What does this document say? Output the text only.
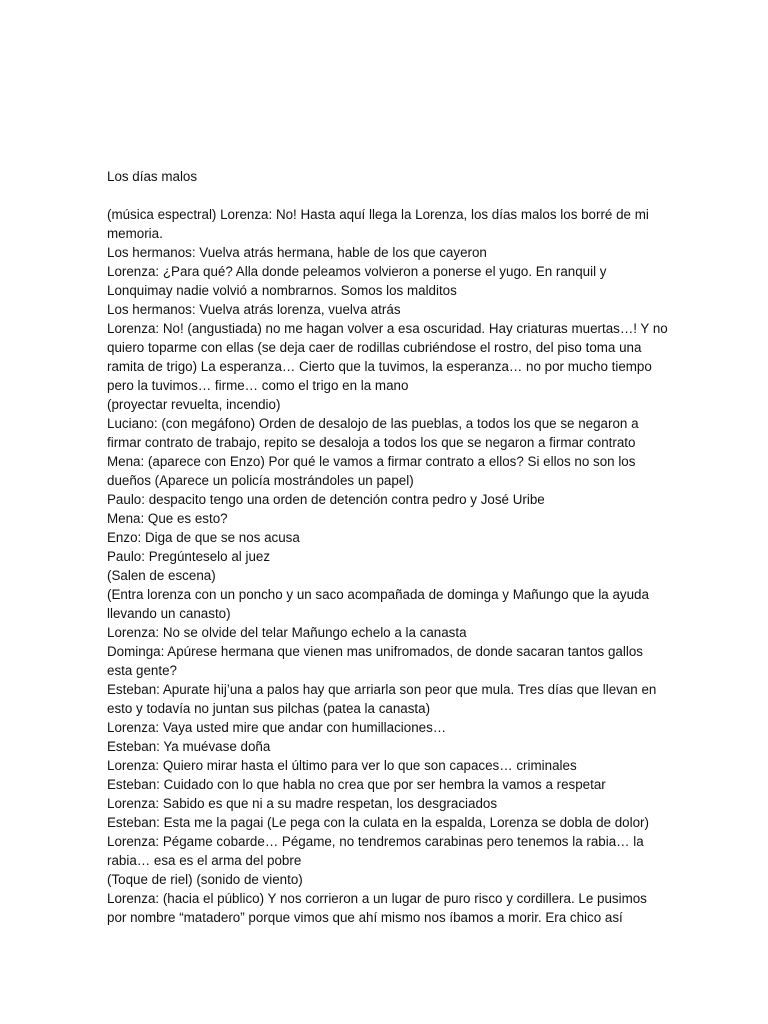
Los días malos

(música espectral) Lorenza: No! Hasta aquí llega la Lorenza, los días malos los borré de mi memoria.

Los hermanos: Vuelva atrás hermana, hable de los que cayeron

Lorenza: ¿Para qué? Alla donde peleamos volvieron a ponerse el yugo. En ranquil y Lonquimay nadie volvió a nombrarnos. Somos los malditos

Los hermanos: Vuelva atrás lorenza, vuelva atrás

Lorenza: No! (angustiada) no me hagan volver a esa oscuridad. Hay criaturas muertas…! Y no quiero toparme con ellas (se deja caer de rodillas cubriéndose el rostro, del piso toma una ramita de trigo) La esperanza… Cierto que la tuvimos, la esperanza… no por mucho tiempo pero la tuvimos… firme… como el trigo en la mano

(proyectar revuelta, incendio)

Luciano: (con megáfono) Orden de desalojo de las pueblas, a todos los que se negaron a firmar contrato de trabajo, repito se desaloja a todos los que se negaron a firmar contrato

Mena: (aparece con Enzo) Por qué le vamos a firmar contrato a ellos? Si ellos no son los dueños (Aparece un policía mostrándoles un papel)

Paulo: despacito tengo una orden de detención contra pedro y José Uribe

Mena: Que es esto?

Enzo: Diga de que se nos acusa

Paulo: Pregúnteselo al juez

(Salen de escena)

(Entra lorenza con un poncho y un saco acompañada de dominga y Mañungo que la ayuda llevando un canasto)

Lorenza: No se olvide del telar Mañungo echelo a la canasta

Dominga: Apúrese hermana que vienen mas unifromados, de donde sacaran tantos gallos esta gente?

Esteban: Apurate hij’una a palos hay que arriarla son peor que mula. Tres días que llevan en esto y todavía no juntan sus pilchas (patea la canasta)

Lorenza: Vaya usted mire que andar con humillaciones…

Esteban: Ya muévase doña

Lorenza: Quiero mirar hasta el último para ver lo que son capaces… criminales

Esteban: Cuidado con lo que habla no crea que por ser hembra la vamos a respetar

Lorenza: Sabido es que ni a su madre respetan, los desgraciados

Esteban: Esta me la pagai (Le pega con la culata en la espalda, Lorenza se dobla de dolor)

Lorenza: Pégame cobarde… Pégame, no tendremos carabinas pero tenemos la rabia… la rabia… esa es el arma del pobre

(Toque de riel) (sonido de viento)

Lorenza: (hacia el público) Y nos corrieron a un lugar de puro risco y cordillera. Le pusimos por nombre “matadero” porque vimos que ahí mismo nos íbamos a morir. Era chico así
